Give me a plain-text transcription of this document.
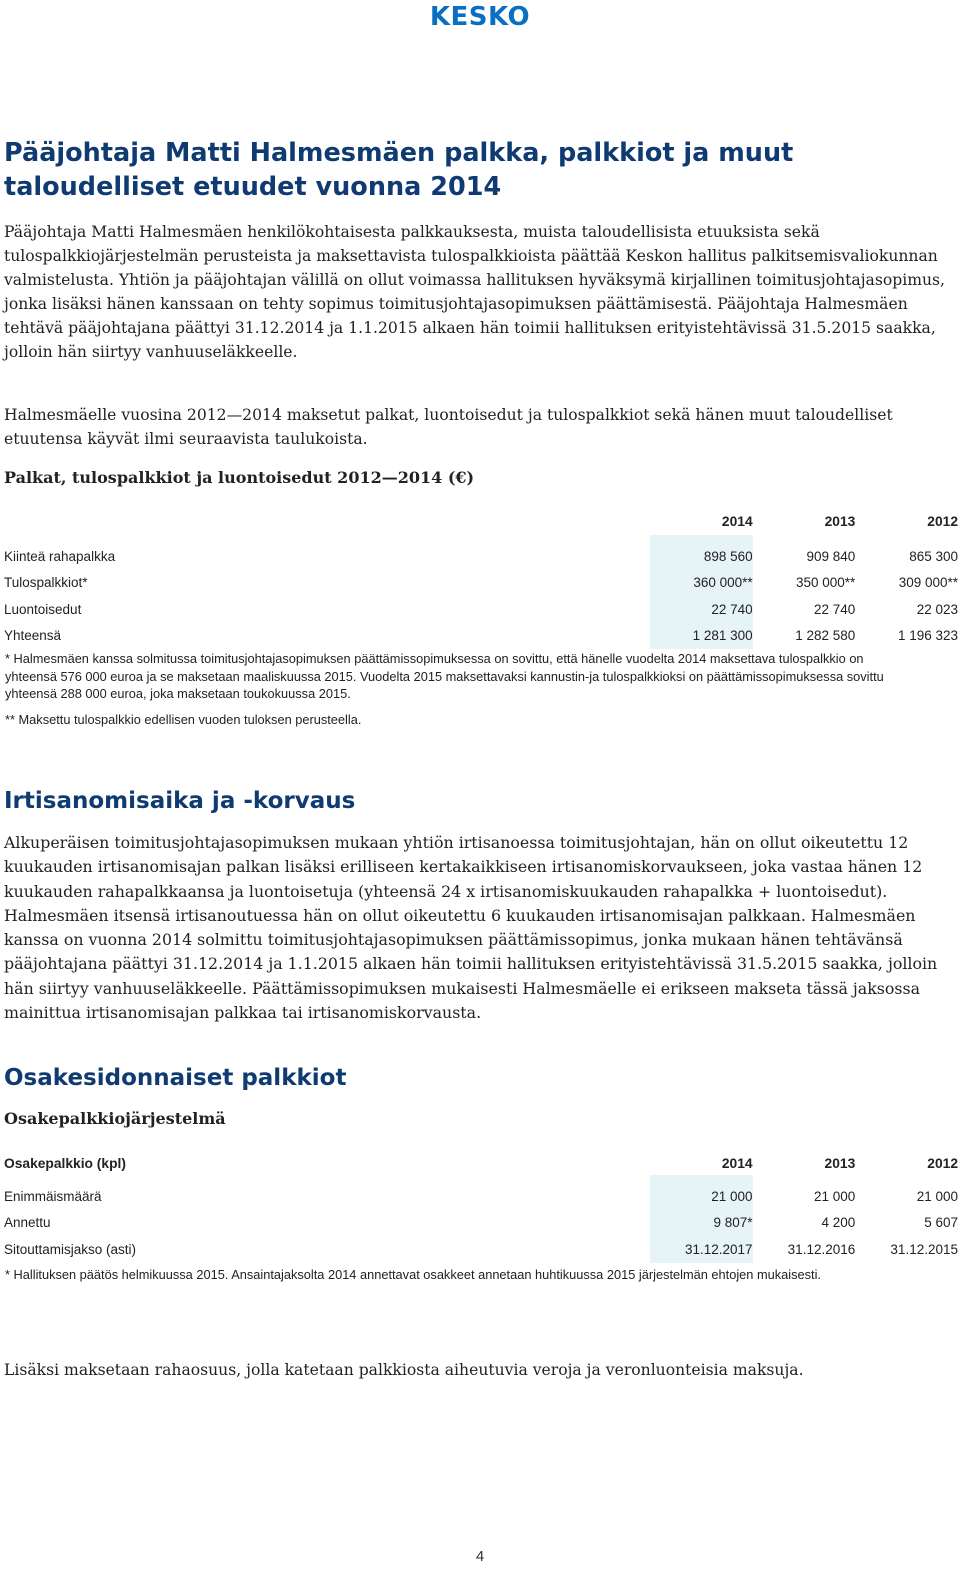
KESKO
Pääjohtaja Matti Halmesmäen palkka, palkkiot ja muut taloudelliset etuudet vuonna 2014

Pääjohtaja Matti Halmesmäen henkilökohtaisesta palkkauksesta, muista taloudellisista etuuksista sekä tulospalkkiojärjestelmän perusteista ja maksettavista tulospalkkioista päättää Keskon hallitus palkitsemisvaliokunnan valmistelusta. Yhtiön ja pääjohtajan välillä on ollut voimassa hallituksen hyväksymä kirjallinen toimitusjohtajasopimus, jonka lisäksi hänen kanssaan on tehty sopimus toimitusjohtajasopimuksen päättämisestä. Pääjohtaja Halmesmäen tehtävä pääjohtajana päättyi 31.12.2014 ja 1.1.2015 alkaen hän toimii hallituksen erityistehtävissä 31.5.2015 saakka, jolloin hän siirtyy vanhuuseläkkeelle.

Halmesmäelle vuosina 2012—2014 maksetut palkat, luontoisedut ja tulospalkkiot sekä hänen muut taloudelliset etuutensa käyvät ilmi seuraavista taulukoista.

Palkat, tulospalkkiot ja luontoisedut 2012—2014 (€)
	2014	2013	2012

Kiinteä rahapalkka	898 560	909 840	865 300
Tulospalkkiot*	360 000**	350 000**	309 000**
Luontoisedut	22 740	22 740	22 023
Yhteensä	1 281 300	1 282 580	1 196 323

* Halmesmäen kanssa solmitussa toimitusjohtajasopimuksen päättämissopimuksessa on sovittu, että hänelle vuodelta 2014 maksettava tulospalkkio on yhteensä 576 000 euroa ja se maksetaan maaliskuussa 2015. Vuodelta 2015 maksettavaksi kannustin-ja tulospalkkioksi on päättämissopimuksessa sovittu yhteensä 288 000 euroa, joka maksetaan toukokuussa 2015.

** Maksettu tulospalkkio edellisen vuoden tuloksen perusteella.

Irtisanomisaika ja -korvaus

Alkuperäisen toimitusjohtajasopimuksen mukaan yhtiön irtisanoessa toimitusjohtajan, hän on ollut oikeutettu 12 kuukauden irtisanomisajan palkan lisäksi erilliseen kertakaikkiseen irtisanomiskorvaukseen, joka vastaa hänen 12 kuukauden rahapalkkaansa ja luontoisetuja (yhteensä 24 x irtisanomiskuukauden rahapalkka + luontoisedut). Halmesmäen itsensä irtisanoutuessa hän on ollut oikeutettu 6 kuukauden irtisanomisajan palkkaan. Halmesmäen kanssa on vuonna 2014 solmittu toimitusjohtajasopimuksen päättämissopimus, jonka mukaan hänen tehtävänsä pääjohtajana päättyi 31.12.2014 ja 1.1.2015 alkaen hän toimii hallituksen erityistehtävissä 31.5.2015 saakka, jolloin hän siirtyy vanhuuseläkkeelle. Päättämissopimuksen mukaisesti Halmesmäelle ei erikseen makseta tässä jaksossa mainittua irtisanomisajan palkkaa tai irtisanomiskorvausta.

Osakesidonnaiset palkkiot
Osakepalkkiojärjestelmä
Osakepalkkio (kpl)	2014	2013	2012

Enimmäismäärä	21 000	21 000	21 000
Annettu	9 807*	4 200	5 607
Sitouttamisjakso (asti)	31.12.2017	31.12.2016	31.12.2015

* Hallituksen päätös helmikuussa 2015. Ansaintajaksolta 2014 annettavat osakkeet annetaan huhtikuussa 2015 järjestelmän ehtojen mukaisesti.

Lisäksi maksetaan rahaosuus, jolla katetaan palkkiosta aiheutuvia veroja ja veronluonteisia maksuja.

4
